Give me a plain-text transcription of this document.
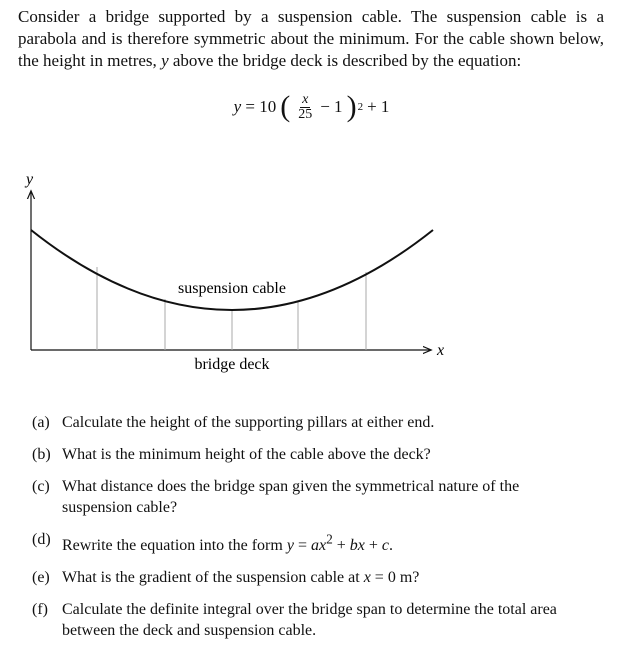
Consider a bridge supported by a suspension cable. The suspension cable is a parabola and is therefore symmetric about the minimum. For the cable shown below, the height in metres, y above the bridge deck is described by the equation:

y = 10 ( $\frac{x}{25} - 1$ ) 2 + 1
y
x
suspension cable
bridge deck
(a) Calculate the height of the supporting pillars at either end.
(b) What is the minimum height of the cable above the deck?
(c) What distance does the bridge span given the symmetrical nature of the suspension cable?
(d) Rewrite the equation into the form $y = ax^2$ + bx + c.
(e) What is the gradient of the suspension cable at x = 0 m?
(f) Calculate the definite integral over the bridge span to determine the total area between the deck and suspension cable.
